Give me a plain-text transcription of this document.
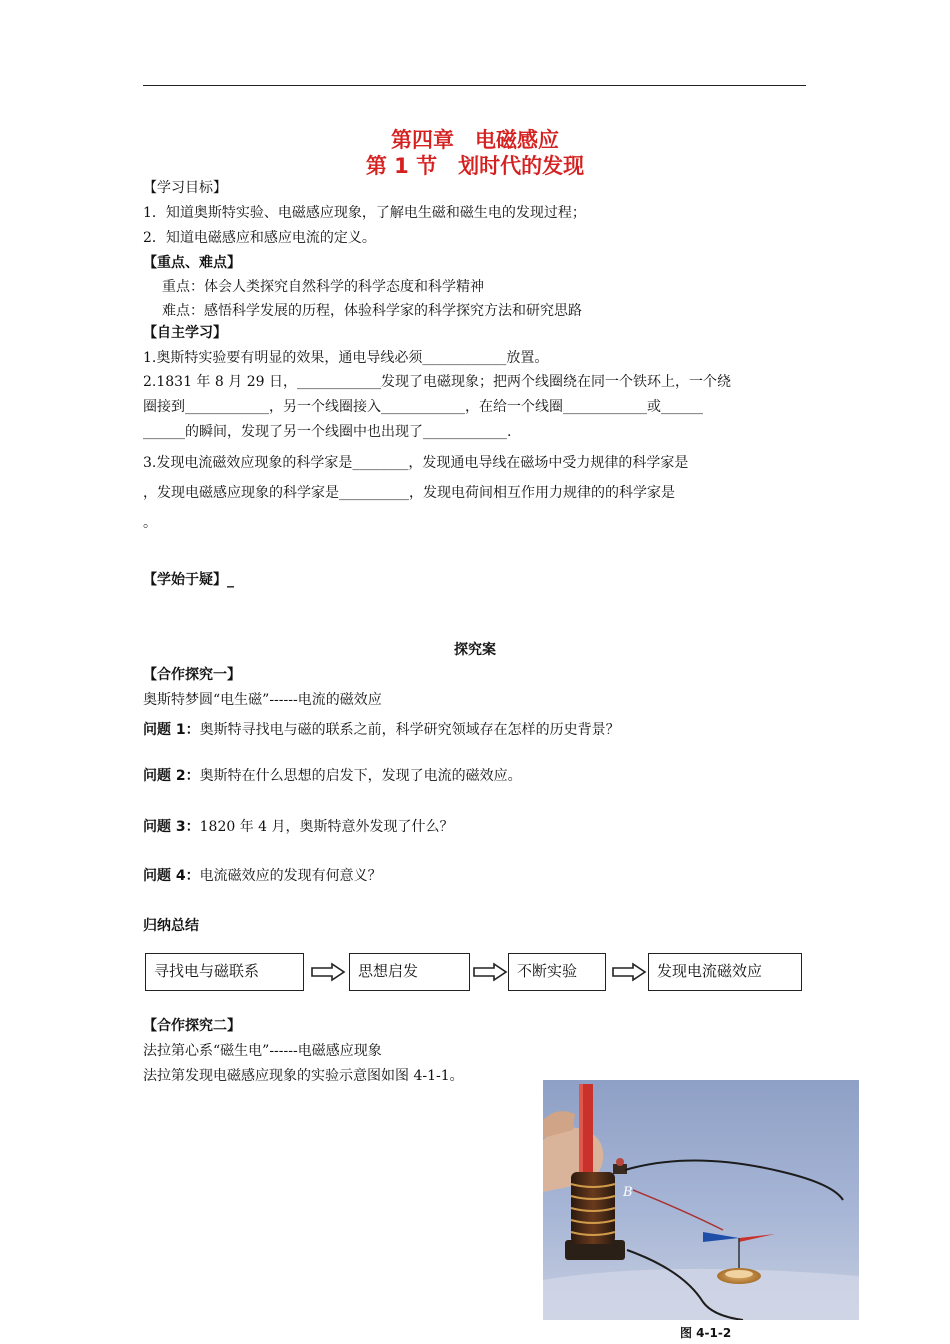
第四章　电磁感应
第 1 节　划时代的发现
【学习目标】
1．知道奥斯特实验、电磁感应现象，了解电生磁和磁生电的发现过程；
2．知道电磁感应和感应电流的定义。
【重点、难点】
重点：体会人类探究自然科学的科学态度和科学精神
难点：感悟科学发展的历程，体验科学家的科学探究方法和研究思路
【自主学习】
1.奥斯特实验要有明显的效果，通电导线必须____________放置。
2.1831 年 8 月 29 日，____________发现了电磁现象；把两个线圈绕在同一个铁环上，一个绕
圈接到____________，另一个线圈接入____________，在给一个线圈____________或______
______的瞬间，发现了另一个线圈中也出现了____________.
3.发现电流磁效应现象的科学家是________，发现通电导线在磁场中受力规律的科学家是
，发现电磁感应现象的科学家是__________，发现电荷间相互作用力规律的的科学家是
。
【学始于疑】_
探究案
【合作探究一】
奥斯特梦圆“电生磁”------电流的磁效应
问题 1：奥斯特寻找电与磁的联系之前，科学研究领域存在怎样的历史背景？
问题 2：奥斯特在什么思想的启发下，发现了电流的磁效应。
问题 3：1820 年 4 月，奥斯特意外发现了什么？
问题 4：电流磁效应的发现有何意义？
归纳总结
寻找电与磁联系	思想启发	不断实验	发现电流磁效应
【合作探究二】
法拉第心系“磁生电”------电磁感应现象
法拉第发现电磁感应现象的实验示意图如图 4-1-1。
B
图 4-1-2
